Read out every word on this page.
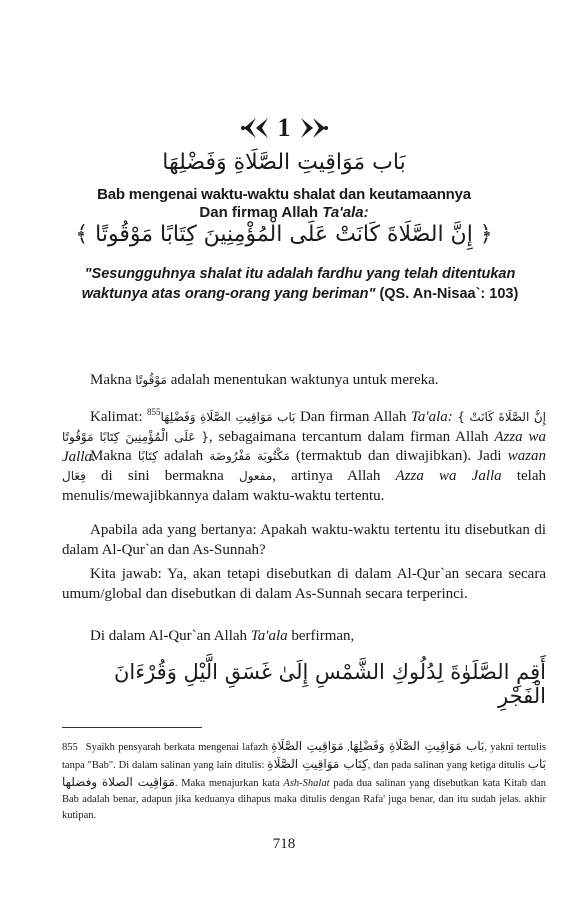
1
بَاب مَوَاقِيتِ الصَّلَاةِ وَفَضْلِهَا
Bab mengenai waktu-waktu shalat dan keutamaannya
Dan firman Allah Ta'ala:
﴿ إِنَّ الصَّلَاةَ كَانَتْ عَلَى الْمُؤْمِنِينَ كِتَابًا مَوْقُوتًا ﴾
"Sesungguhnya shalat itu adalah fardhu yang telah ditentukan
waktunya atas orang-orang yang beriman" (QS. An-Nisaa`: 103)
Makna مَوْقُوتًا adalah menentukan waktunya untuk mereka.
Kalimat: بَاب مَوَاقِيتِ الصَّلَاةِ وَفَضْلِهَا$^{855}$	Dan firman Allah Ta'ala: { إِنَّ الصَّلَاةَ كَانَتْ عَلَى الْمُؤْمِنِينَ كِتَابًا مَوْقُوتًا }, sebagaimana tercantum dalam firman Allah Azza wa Jalla.
Makna كِتَابًا adalah مَكْتُوبَة مَفْرُوضَة (termaktub dan diwajibkan). Jadi wazan فِعَال di sini bermakna مفعول, artinya Allah Azza wa Jalla telah menulis/mewajibkannya dalam waktu-waktu tertentu.
Apabila ada yang bertanya: Apakah waktu-waktu tertentu itu disebutkan di dalam Al-Qur`an dan As-Sunnah?
Kita jawab: Ya, akan tetapi disebutkan di dalam Al-Qur`an secara secara umum/global dan disebutkan di dalam As-Sunnah secara terperinci.
Di dalam Al-Qur`an Allah Ta'ala berfirman,
أَقِمِ الصَّلَوٰةَ لِدُلُوكِ الشَّمْسِ إِلَىٰ غَسَقِ الَّيْلِ وَقُرْءَانَ الْفَجْرِ
855 Syaikh pensyarah berkata mengenai lafazh	بَاب مَوَاقِيتِ الصَّلَاةِ وَفَضْلِهَا, مَوَاقِيتِ الصَّلَاةِ	, yakni tertulis tanpa "Bab". Di dalam salinan yang lain ditulis: كِتَاب مَوَاقِيتِ الصَّلَاةِ, dan pada salinan yang ketiga ditulis بَاب مَوَاقِيت الصلاة وفضلها. Maka menajurkan kata Ash-Shalat pada dua salinan yang disebutkan kata Kitab dan Bab adalah benar, adapun jika keduanya dihapus maka ditulis dengan Rafa' juga benar, dan itu sudah jelas. akhir kutipan.
718
